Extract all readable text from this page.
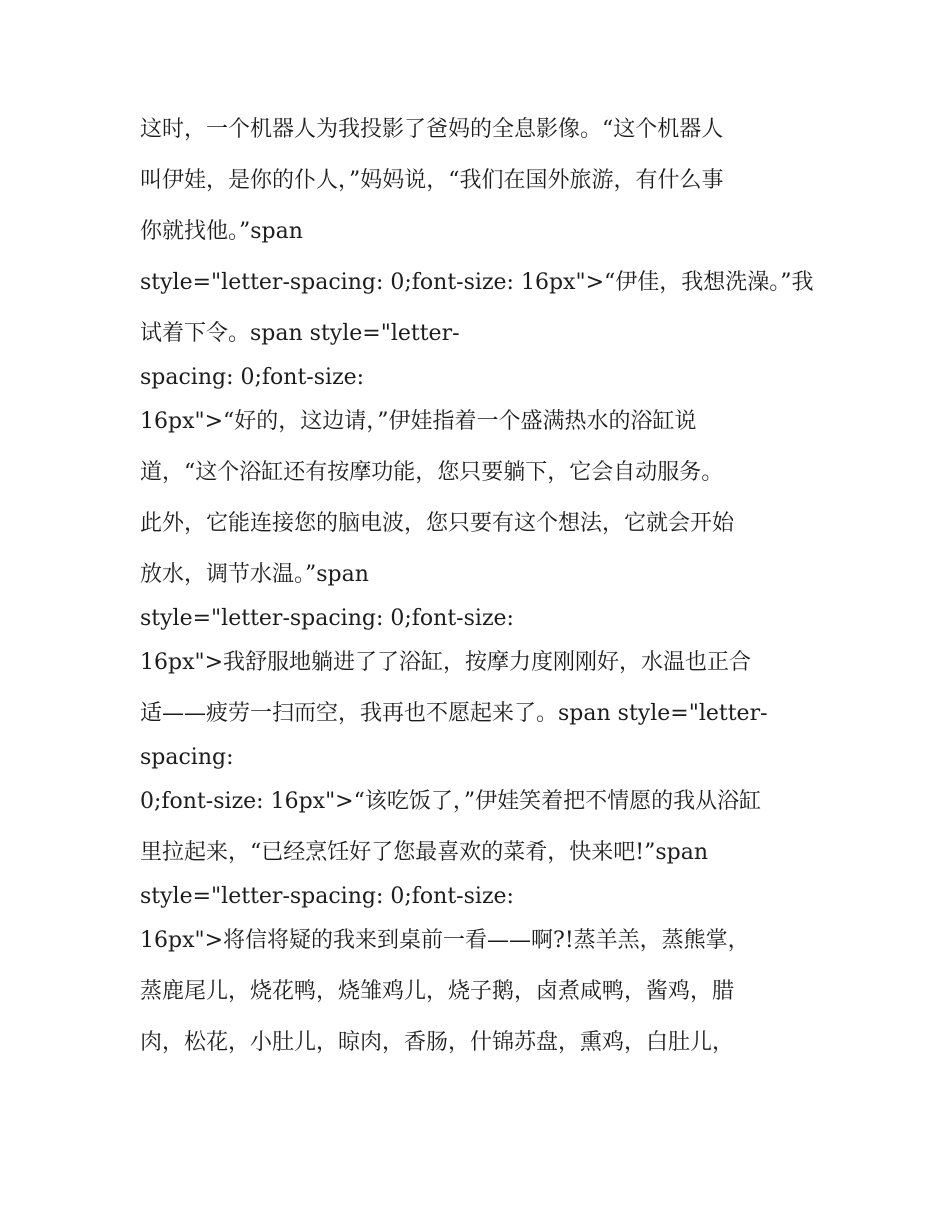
这时，一个机器人为我投影了爸妈的全息影像。“这个机器人
叫伊娃，是你的仆人，”妈妈说，“我们在国外旅游，有什么事
你就找他。”span
style="letter-spacing: 0;font-size: 16px">“伊佳，我想洗澡。”我
试着下令。span style="letter-
spacing: 0;font-size:
16px">“好的，这边请，”伊娃指着一个盛满热水的浴缸说
道，“这个浴缸还有按摩功能，您只要躺下，它会自动服务。
此外，它能连接您的脑电波，您只要有这个想法，它就会开始
放水，调节水温。”span
style="letter-spacing: 0;font-size:
16px">我舒服地躺进了了浴缸，按摩力度刚刚好，水温也正合
适——疲劳一扫而空，我再也不愿起来了。span style="letter-
spacing:
0;font-size: 16px">“该吃饭了，”伊娃笑着把不情愿的我从浴缸
里拉起来，“已经烹饪好了您最喜欢的菜肴，快来吧!”span
style="letter-spacing: 0;font-size:
16px">将信将疑的我来到桌前一看——啊?!蒸羊羔，蒸熊掌，
蒸鹿尾儿，烧花鸭，烧雏鸡儿，烧子鹅，卤煮咸鸭，酱鸡，腊
肉，松花，小肚儿，晾肉，香肠，什锦苏盘，熏鸡，白肚儿，
